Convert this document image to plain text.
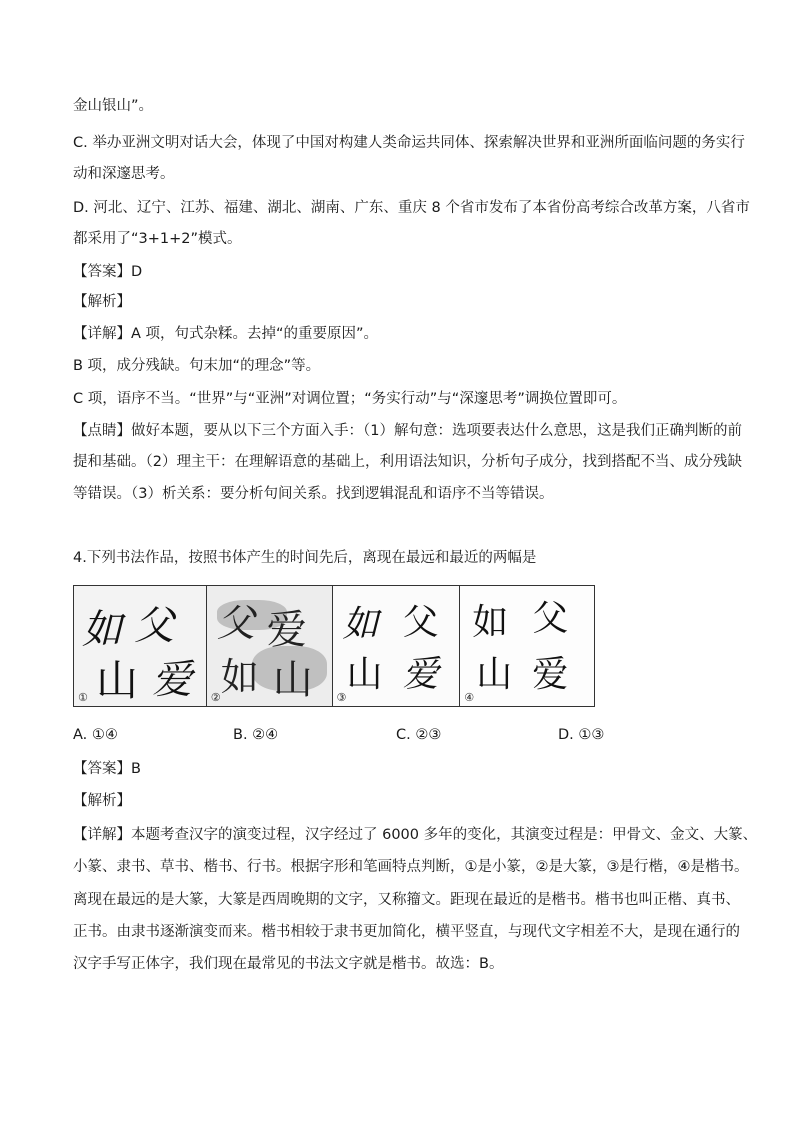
金山银山”。
C. 举办亚洲文明对话大会，体现了中国对构建人类命运共同体、探索解决世界和亚洲所面临问题的务实行
动和深邃思考。
D. 河北、辽宁、江苏、福建、湖北、湖南、广东、重庆 8 个省市发布了本省份高考综合改革方案，八省市
都采用了“3+1+2”模式。
【答案】D
【解析】
【详解】A 项，句式杂糅。去掉“的重要原因”。
B 项，成分残缺。句末加“的理念”等。
C 项，语序不当。“世界”与“亚洲”对调位置；“务实行动”与“深邃思考”调换位置即可。
【点睛】做好本题，要从以下三个方面入手：（1）解句意：选项要表达什么意思，这是我们正确判断的前
提和基础。（2）理主干：在理解语意的基础上，利用语法知识，分析句子成分，找到搭配不当、成分残缺
等错误。（3）析关系：要分析句间关系。找到逻辑混乱和语序不当等错误。
4.下列书法作品，按照书体产生的时间先后，离现在最远和最近的两幅是
父
如
山 爱
①
父 爱
如 山
②
如 父
山 爱
③
如 父
山 爱
④
A. ①④	B. ②④	C. ②③	D. ①③
【答案】B
【解析】
【详解】本题考查汉字的演变过程，汉字经过了 6000 多年的变化，其演变过程是：甲骨文、金文、大篆、
小篆、隶书、草书、楷书、行书。根据字形和笔画特点判断，①是小篆，②是大篆，③是行楷，④是楷书。
离现在最远的是大篆，大篆是西周晚期的文字，又称籀文。距现在最近的是楷书。楷书也叫正楷、真书、
正书。由隶书逐渐演变而来。楷书相较于隶书更加简化，横平竖直，与现代文字相差不大，是现在通行的
汉字手写正体字，我们现在最常见的书法文字就是楷书。故选：B。
